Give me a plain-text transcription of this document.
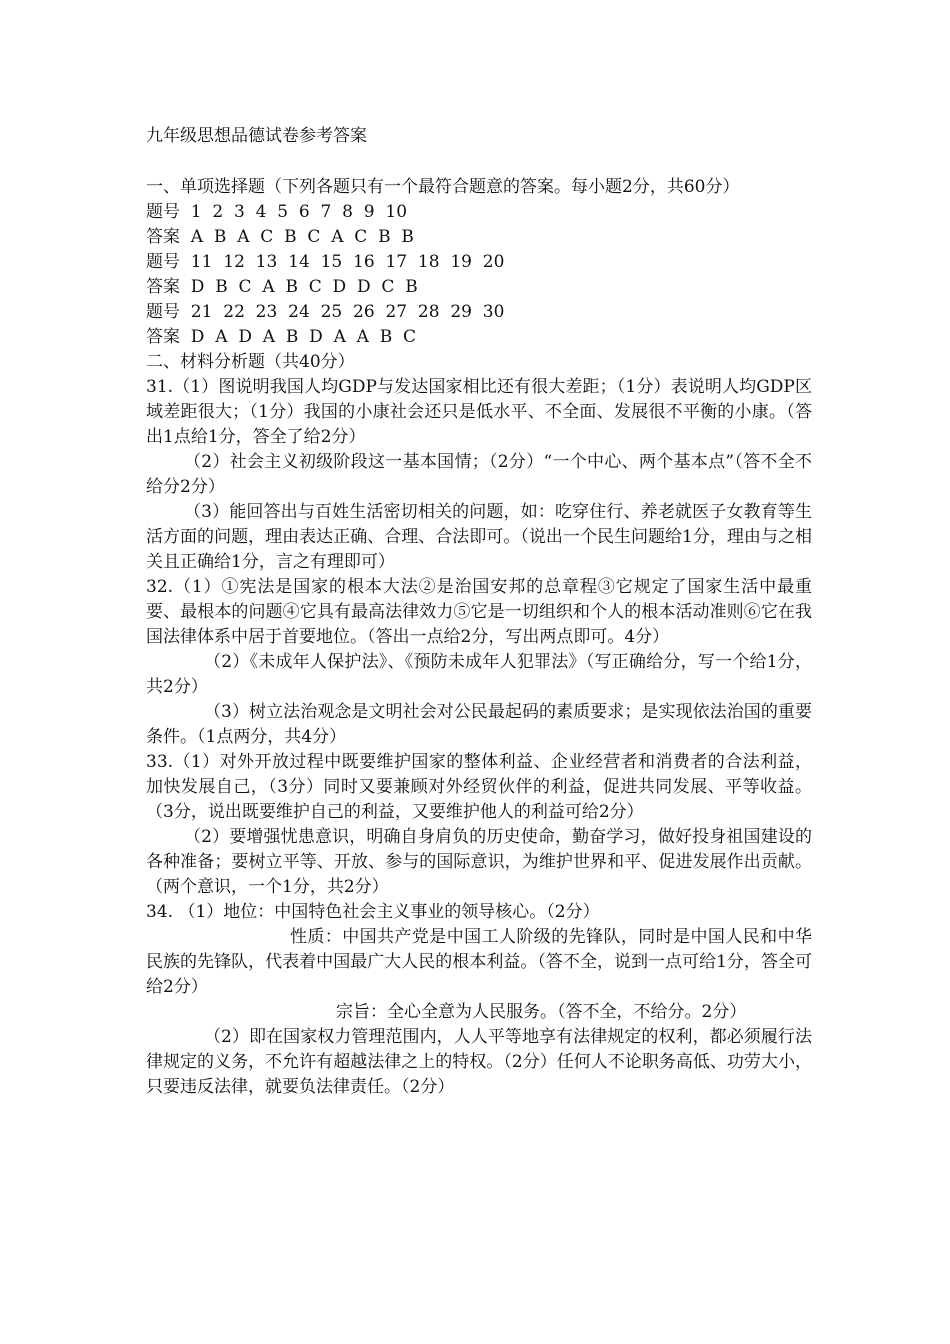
九年级思想品德试卷参考答案

一、单项选择题（下列各题只有一个最符合题意的答案。每小题2分，共60分）

题号  1  2  3  4  5  6  7  8  9  10
答案  A  B  A  C  B  C  A  C  B  B
题号  11  12  13  14  15  16  17  18  19  20
答案  D  B  C  A  B  C  D  D  C  B
题号  21  22  23  24  25  26  27  28  29  30
答案  D  A  D  A  B  D  A  A  B  C

二、材料分析题（共40分）

31.（1）图说明我国人均GDP与发达国家相比还有很大差距；（1分）表说明人均GDP区域差距很大；（1分）我国的小康社会还只是低水平、不全面、发展很不平衡的小康。（答出1点给1分，答全了给2分）

（2）社会主义初级阶段这一基本国情；（2分）“一个中心、两个基本点”（答不全不给分2分）

（3）能回答出与百姓生活密切相关的问题，如：吃穿住行、养老就医子女教育等生活方面的问题，理由表达正确、合理、合法即可。（说出一个民生问题给1分，理由与之相关且正确给1分，言之有理即可）

32.（1）①宪法是国家的根本大法②是治国安邦的总章程③它规定了国家生活中最重要、最根本的问题④它具有最高法律效力⑤它是一切组织和个人的根本活动准则⑥它在我国法律体系中居于首要地位。（答出一点给2分，写出两点即可。4分）

（2）《未成年人保护法》、《预防未成年人犯罪法》（写正确给分，写一个给1分，共2分）

（3）树立法治观念是文明社会对公民最起码的素质要求；是实现依法治国的重要条件。（1点两分，共4分）

33.（1）对外开放过程中既要维护国家的整体利益、企业经营者和消费者的合法利益，加快发展自己，（3分）同时又要兼顾对外经贸伙伴的利益，促进共同发展、平等收益。（3分，说出既要维护自己的利益，又要维护他人的利益可给2分）

（2）要增强忧患意识，明确自身肩负的历史使命，勤奋学习，做好投身祖国建设的各种准备；要树立平等、开放、参与的国际意识，为维护世界和平、促进发展作出贡献。（两个意识，一个1分，共2分）

34. （1）地位：中国特色社会主义事业的领导核心。（2分）

性质：中国共产党是中国工人阶级的先锋队，同时是中国人民和中华民族的先锋队，代表着中国最广大人民的根本利益。（答不全，说到一点可给1分，答全可给2分）

宗旨：全心全意为人民服务。（答不全，不给分。2分）

（2）即在国家权力管理范围内，人人平等地享有法律规定的权利，都必须履行法律规定的义务，不允许有超越法律之上的特权。（2分）任何人不论职务高低、功劳大小，只要违反法律，就要负法律责任。（2分）
